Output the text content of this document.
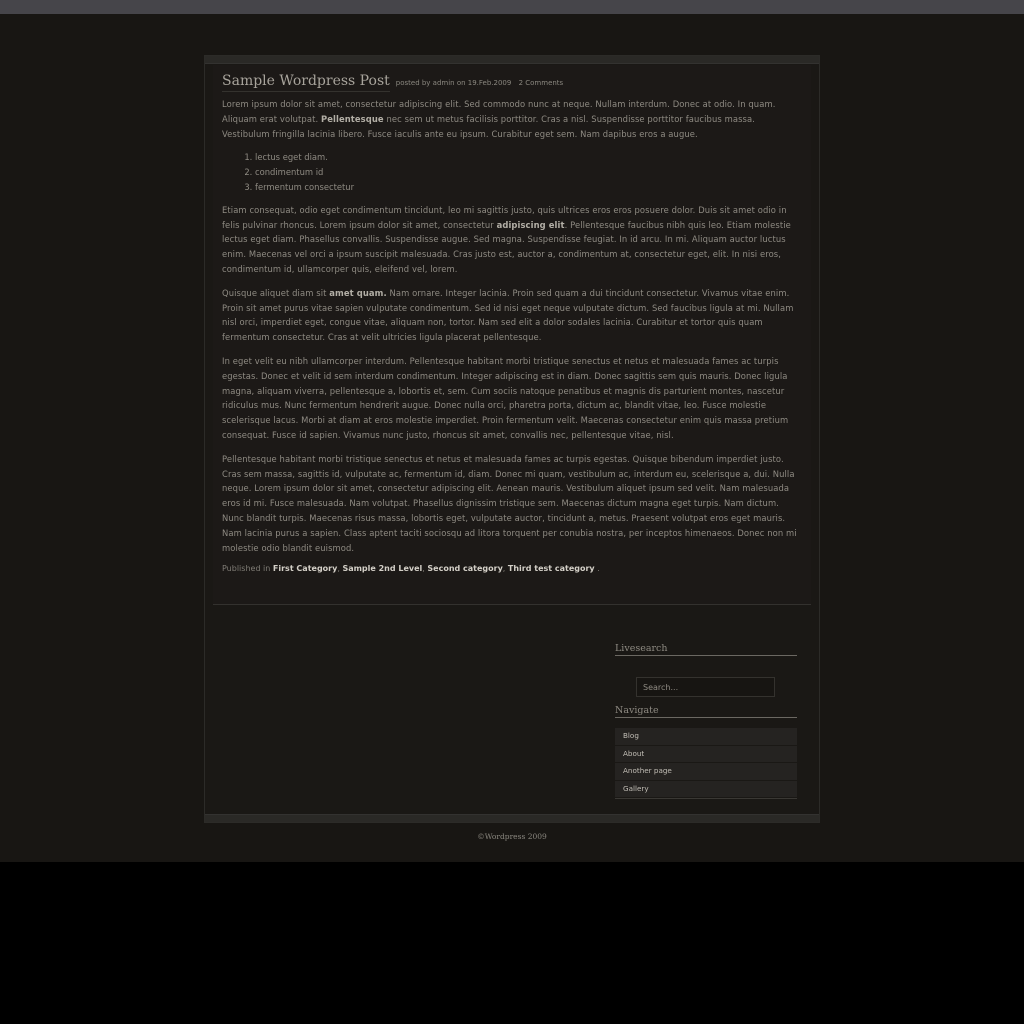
Sample Wordpress Post posted by admin on 19.Feb.2009 2 Comments

Lorem ipsum dolor sit amet, consectetur adipiscing elit. Sed commodo nunc at neque. Nullam interdum. Donec at odio. In quam. Aliquam erat volutpat. Pellentesque nec sem ut metus facilisis porttitor. Cras a nisl. Suspendisse porttitor faucibus massa. Vestibulum fringilla lacinia libero. Fusce iaculis ante eu ipsum. Curabitur eget sem. Nam dapibus eros a augue.

1. lectus eget diam.
2. condimentum id
3. fermentum consectetur

Etiam consequat, odio eget condimentum tincidunt, leo mi sagittis justo, quis ultrices eros eros posuere dolor. Duis sit amet odio in felis pulvinar rhoncus. Lorem ipsum dolor sit amet, consectetur adipiscing elit. Pellentesque faucibus nibh quis leo. Etiam molestie lectus eget diam. Phasellus convallis. Suspendisse augue. Sed magna. Suspendisse feugiat. In id arcu. In mi. Aliquam auctor luctus enim. Maecenas vel orci a ipsum suscipit malesuada. Cras justo est, auctor a, condimentum at, consectetur eget, elit. In nisi eros, condimentum id, ullamcorper quis, eleifend vel, lorem.

Quisque aliquet diam sit amet quam. Nam ornare. Integer lacinia. Proin sed quam a dui tincidunt consectetur. Vivamus vitae enim. Proin sit amet purus vitae sapien vulputate condimentum. Sed id nisi eget neque vulputate dictum. Sed faucibus ligula at mi. Nullam nisl orci, imperdiet eget, congue vitae, aliquam non, tortor. Nam sed elit a dolor sodales lacinia. Curabitur et tortor quis quam fermentum consectetur. Cras at velit ultricies ligula placerat pellentesque.

In eget velit eu nibh ullamcorper interdum. Pellentesque habitant morbi tristique senectus et netus et malesuada fames ac turpis egestas. Donec et velit id sem interdum condimentum. Integer adipiscing est in diam. Donec sagittis sem quis mauris. Donec ligula magna, aliquam viverra, pellentesque a, lobortis et, sem. Cum sociis natoque penatibus et magnis dis parturient montes, nascetur ridiculus mus. Nunc fermentum hendrerit augue. Donec nulla orci, pharetra porta, dictum ac, blandit vitae, leo. Fusce molestie scelerisque lacus. Morbi at diam at eros molestie imperdiet. Proin fermentum velit. Maecenas consectetur enim quis massa pretium consequat. Fusce id sapien. Vivamus nunc justo, rhoncus sit amet, convallis nec, pellentesque vitae, nisl.

Pellentesque habitant morbi tristique senectus et netus et malesuada fames ac turpis egestas. Quisque bibendum imperdiet justo. Cras sem massa, sagittis id, vulputate ac, fermentum id, diam. Donec mi quam, vestibulum ac, interdum eu, scelerisque a, dui. Nulla neque. Lorem ipsum dolor sit amet, consectetur adipiscing elit. Aenean mauris. Vestibulum aliquet ipsum sed velit. Nam malesuada eros id mi. Fusce malesuada. Nam volutpat. Phasellus dignissim tristique sem. Maecenas dictum magna eget turpis. Nam dictum. Nunc blandit turpis. Maecenas risus massa, lobortis eget, vulputate auctor, tincidunt a, metus. Praesent volutpat eros eget mauris. Nam lacinia purus a sapien. Class aptent taciti sociosqu ad litora torquent per conubia nostra, per inceptos himenaeos. Donec non mi molestie odio blandit euismod.

Published in First Category, Sample 2nd Level, Second category, Third test category .
Livesearch
Search...
Navigate
Blog
About
Another page
Gallery
©Wordpress 2009
